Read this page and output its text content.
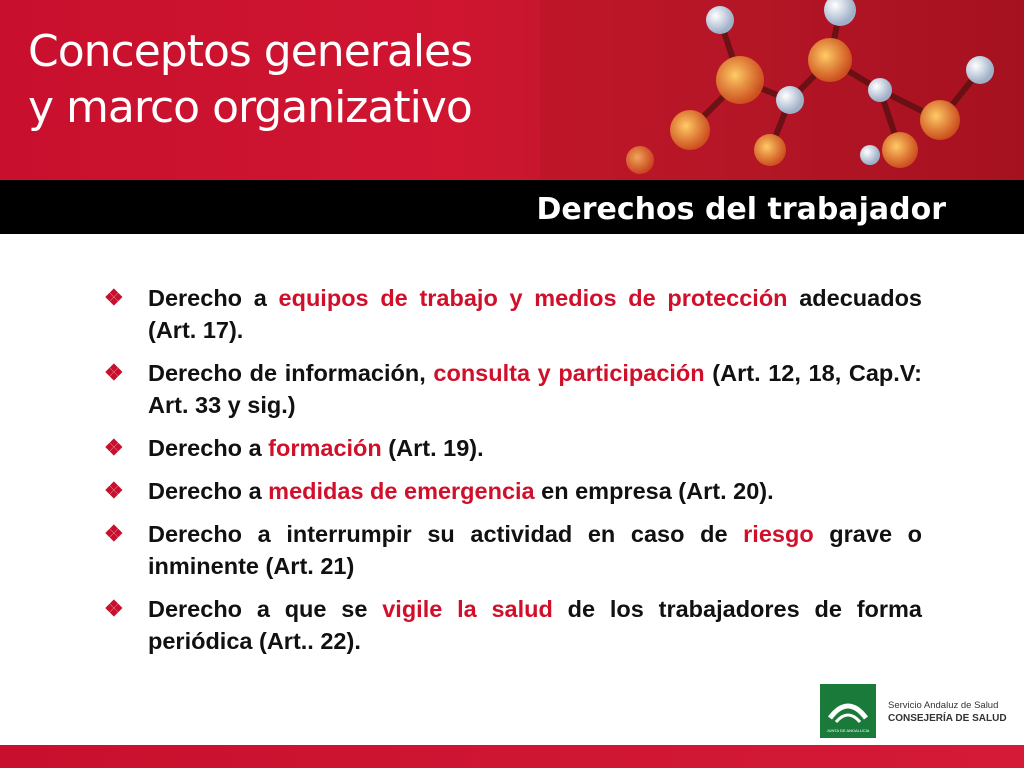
Conceptos generales
y marco organizativo
Derechos del trabajador
❖ Derecho a equipos de trabajo y medios de protección adecuados (Art. 17).
❖ Derecho de información, consulta y participación (Art. 12, 18, Cap.V: Art. 33 y sig.)
❖ Derecho a formación (Art. 19).
❖ Derecho a medidas de emergencia en empresa (Art. 20).
❖ Derecho a interrumpir su actividad en caso de riesgo grave o inminente (Art. 21)
❖ Derecho a que se vigile la salud de los trabajadores de forma periódica (Art.. 22).
JUNTA DE ANDALUCIA
Servicio Andaluz de Salud
CONSEJERÍA DE SALUD
